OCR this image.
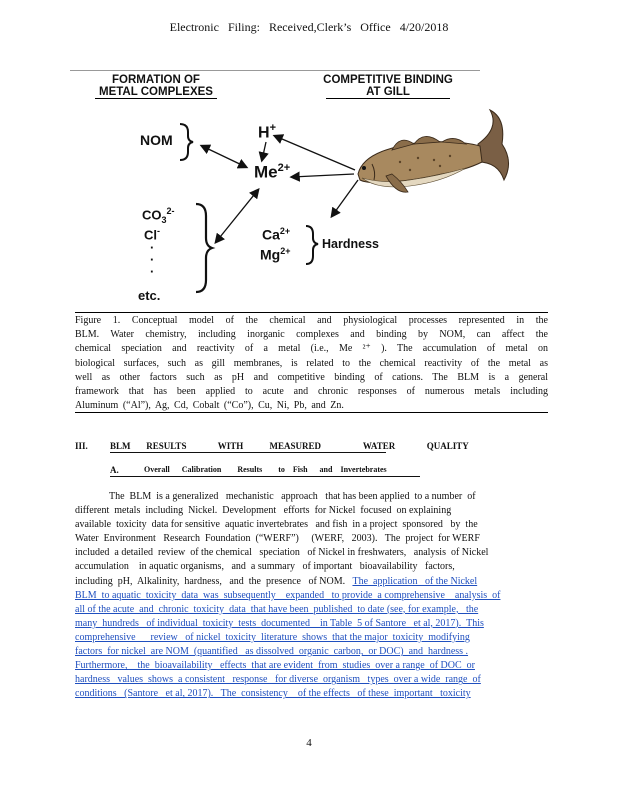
Electronic Filing: Received,Clerk’s Office 4/20/2018
FORMATION OF
METAL COMPLEXES
COMPETITIVE BINDING
AT GILL
NOM	H+
$Me^{2+}$
$CO_3^{2-}$
Cl-
·
·
·
etc.
$Ca^{2+}$
$Mg^{2+}$	Hardness
Figure 1. Conceptual model of the chemical and physiological processes represented in the
BLM. Water chemistry, including inorganic complexes and binding by NOM, can affect the
chemical speciation and reactivity of a metal (i.e., Me ²⁺ ). The accumulation of metal on
biological surfaces, such as gill membranes, is related to the chemical reactivity of the metal as
well as other factors such as pH and competitive binding of cations. The BLM is a general
framework that has been applied to acute and chronic responses of numerous metals including
Aluminum (“Al”), Ag, Cd, Cobalt (“Co”), Cu, Ni, Pb, and Zn.
III. BLM   RESULTS      WITH     MEASURED        WATER      QUALITY
A.	Overall   Calibration    Results    to  Fish   and  Invertebrates
The  BLM  is a generalized   mechanistic   approach   that has been applied  to a number  of
different  metals  including  Nickel.  Development   efforts  for Nickel  focused  on explaining
available  toxicity  data for sensitive  aquatic invertebrates   and fish  in a project  sponsored   by  the
Water  Environment   Research  Foundation  (“WERF”)     (WERF,   2003).   The  project  for WERF
included  a detailed  review  of the chemical   speciation   of Nickel in freshwaters,   analysis  of Nickel
accumulation    in aquatic organisms,   and  a summary   of important   bioavailability   factors,
including  pH,  Alkalinity,  hardness,   and  the  presence   of NOM. The  application   of the Nickel
BLM  to aquatic  toxicity  data  was  subsequently    expanded   to provide  a comprehensive    analysis  of
all of the acute  and  chronic  toxicity  data  that have been  published  to date (see, for example,   the
many  hundreds   of individual  toxicity  tests  documented    in Table  5 of Santore   et al, 2017).  This
comprehensive      review   of nickel  toxicity  literature  shows  that the major  toxicity  modifying
factors  for nickel  are NOM  (quantified   as dissolved  organic  carbon,  or DOC)  and  hardness .
Furthermore,    the  bioavailability   effects  that are evident  from  studies  over a range  of DOC  or
hardness   values  shows  a consistent   response   for diverse  organism   types  over a wide  range  of
conditions   (Santore   et al, 2017).   The  consistency    of the effects   of these  important   toxicity
4
